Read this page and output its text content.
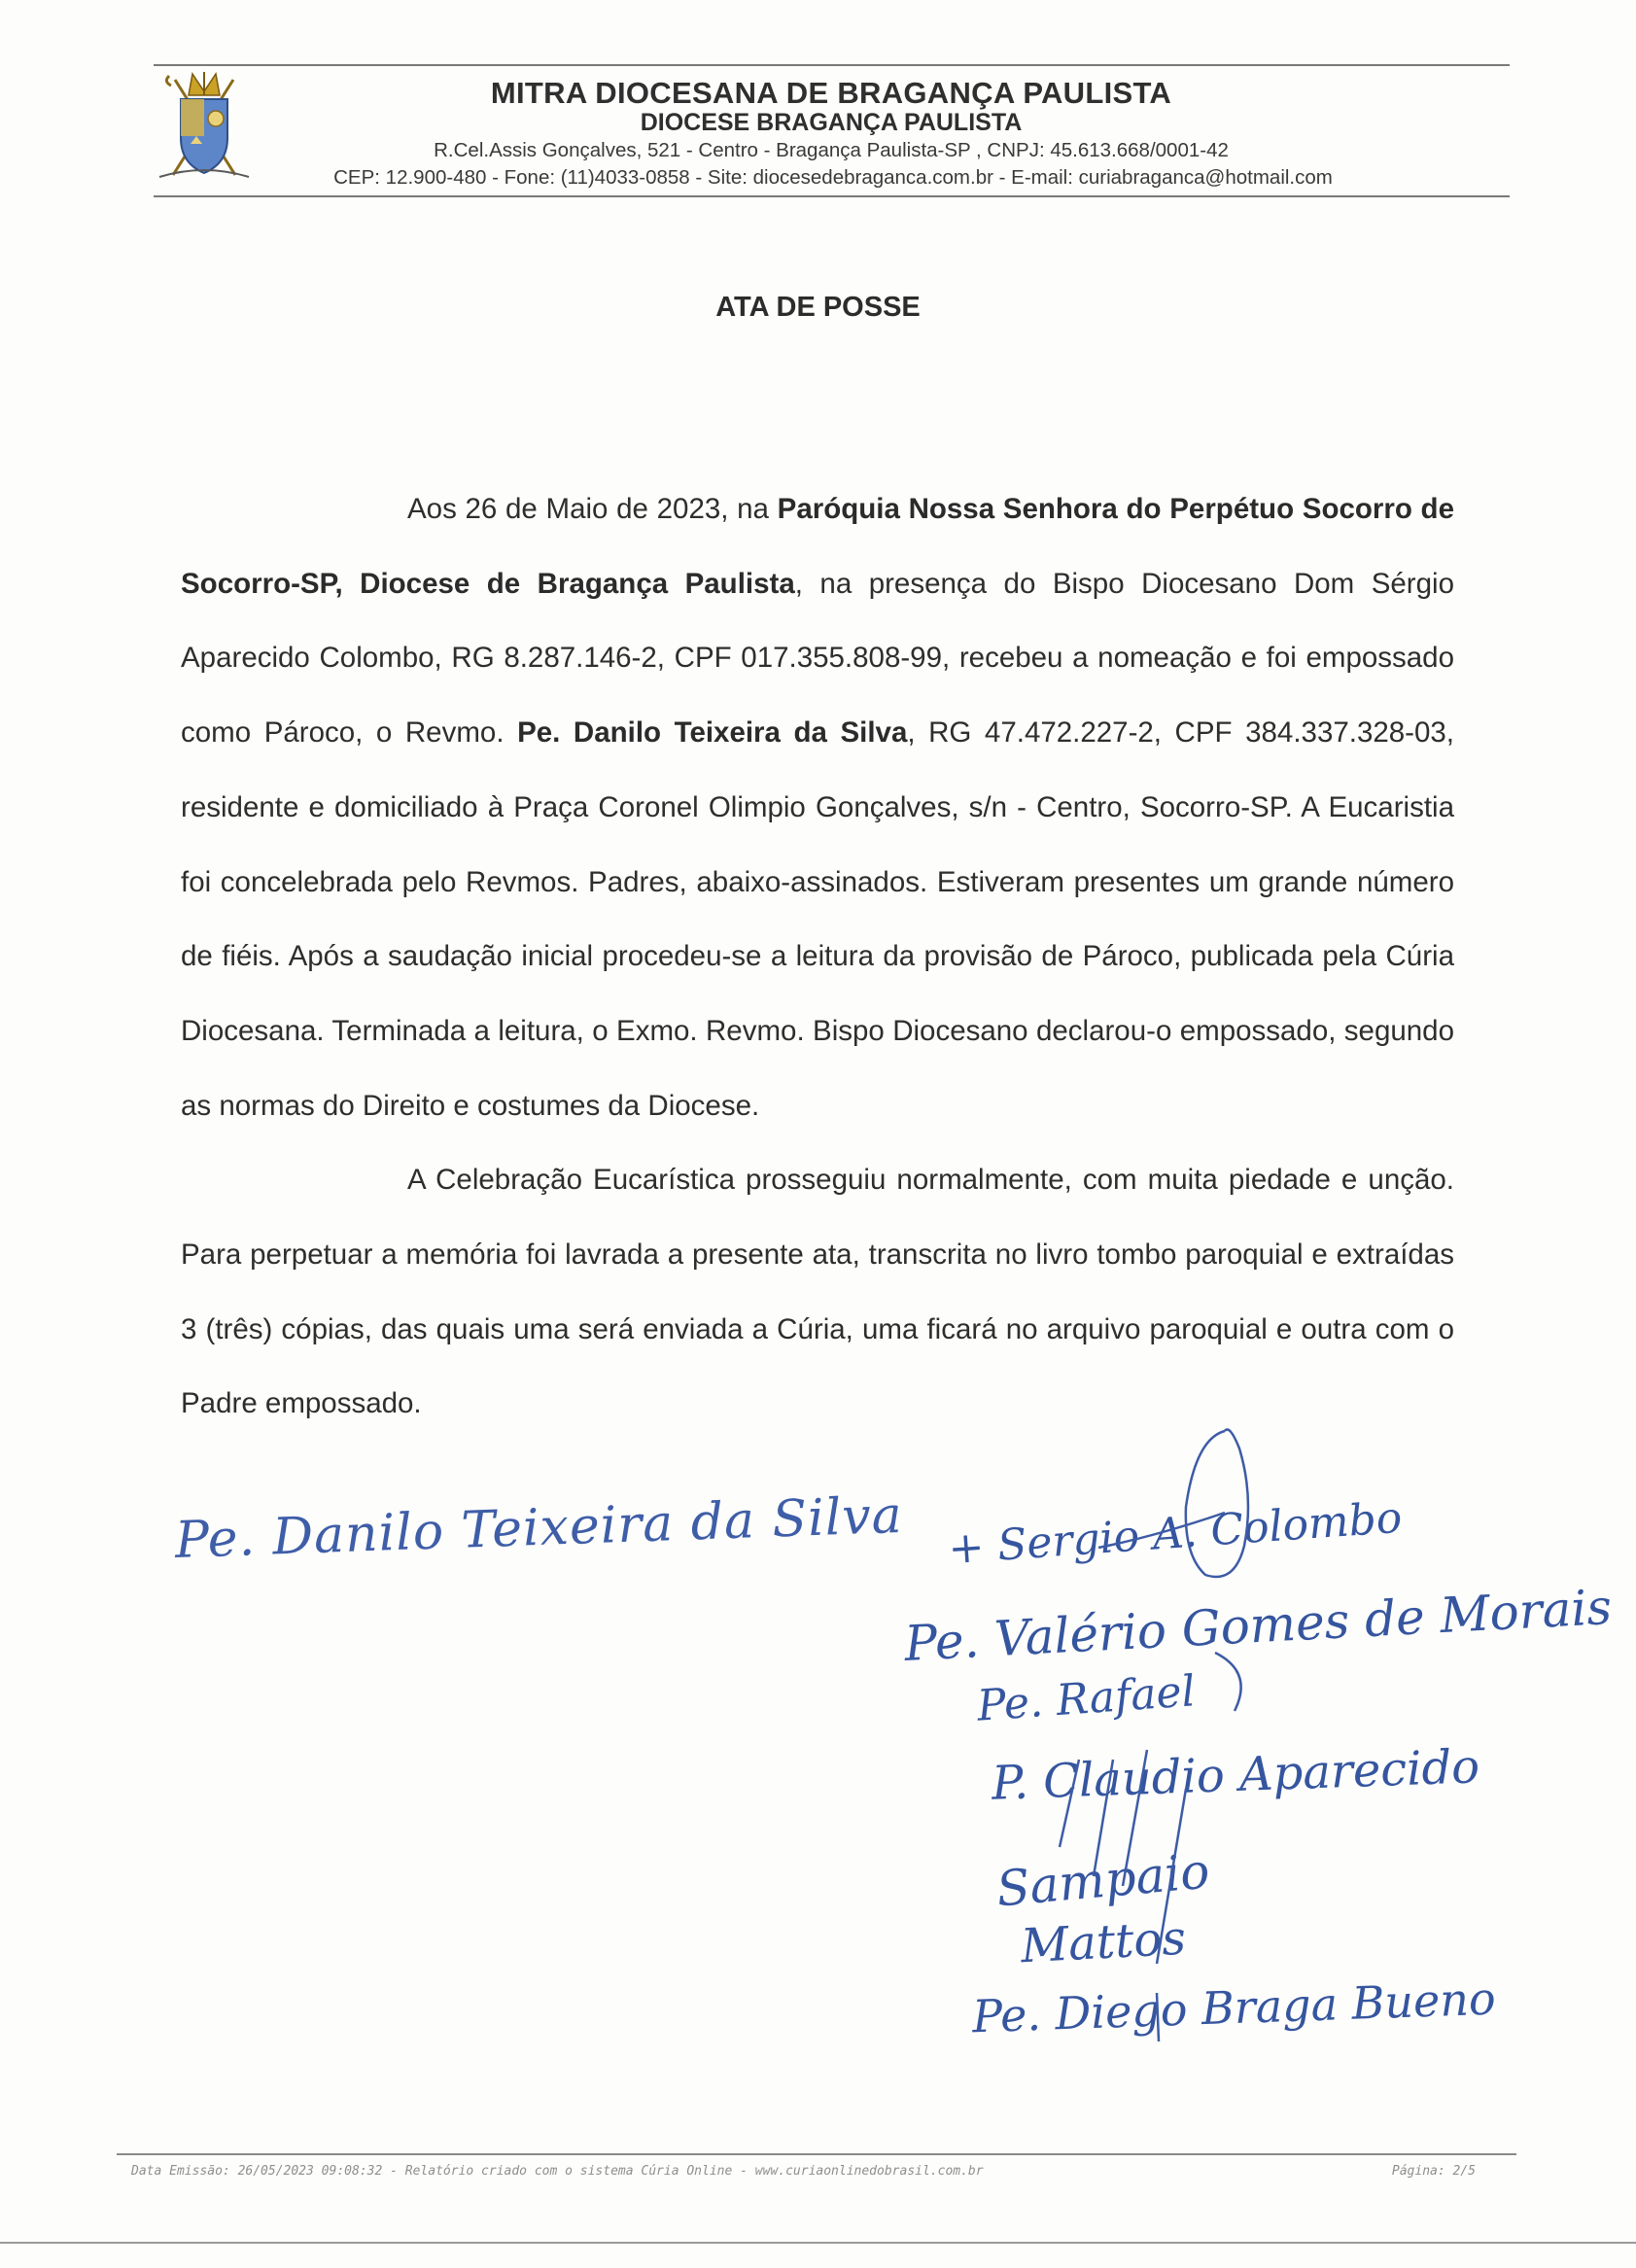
MITRA DIOCESANA DE BRAGANÇA PAULISTA
DIOCESE BRAGANÇA PAULISTA
R.Cel.Assis Gonçalves, 521 - Centro - Bragança Paulista-SP , CNPJ: 45.613.668/0001-42
CEP: 12.900-480 - Fone: (11)4033-0858 - Site: diocesedebraganca.com.br - E-mail: curiabraganca@hotmail.com
ATA DE POSSE

Aos 26 de Maio de 2023, na Paróquia Nossa Senhora do Perpétuo Socorro de Socorro-SP, Diocese de Bragança Paulista, na presença do Bispo Diocesano Dom Sérgio Aparecido Colombo, RG 8.287.146-2, CPF 017.355.808-99, recebeu a nomeação e foi empossado como Pároco, o Revmo. Pe. Danilo Teixeira da Silva, RG 47.472.227-2, CPF 384.337.328-03, residente e domiciliado à Praça Coronel Olimpio Gonçalves, s/n - Centro, Socorro-SP. A Eucaristia foi concelebrada pelo Revmos. Padres, abaixo-assinados. Estiveram presentes um grande número de fiéis. Após a saudação inicial procedeu-se a leitura da provisão de Pároco, publicada pela Cúria Diocesana. Terminada a leitura, o Exmo. Revmo. Bispo Diocesano declarou-o empossado, segundo as normas do Direito e costumes da Diocese.

A Celebração Eucarística prosseguiu normalmente, com muita piedade e unção. Para perpetuar a memória foi lavrada a presente ata, transcrita no livro tombo paroquial e extraídas 3 (três) cópias, das quais uma será enviada a Cúria, uma ficará no arquivo paroquial e outra com o Padre empossado.

Pe. Danilo Teixeira da Silva + Sergio A. Colombo
Pe. Valério Gomes de Morais
Pe. Rafael
P. Claudio Aparecido
Sampaio
Mattos
Pe. Diego Braga Bueno
Data Emissão: 26/05/2023 09:08:32 - Relatório criado com o sistema Cúria Online - www.curiaonlinedobrasil.com.br	Página: 2/5
